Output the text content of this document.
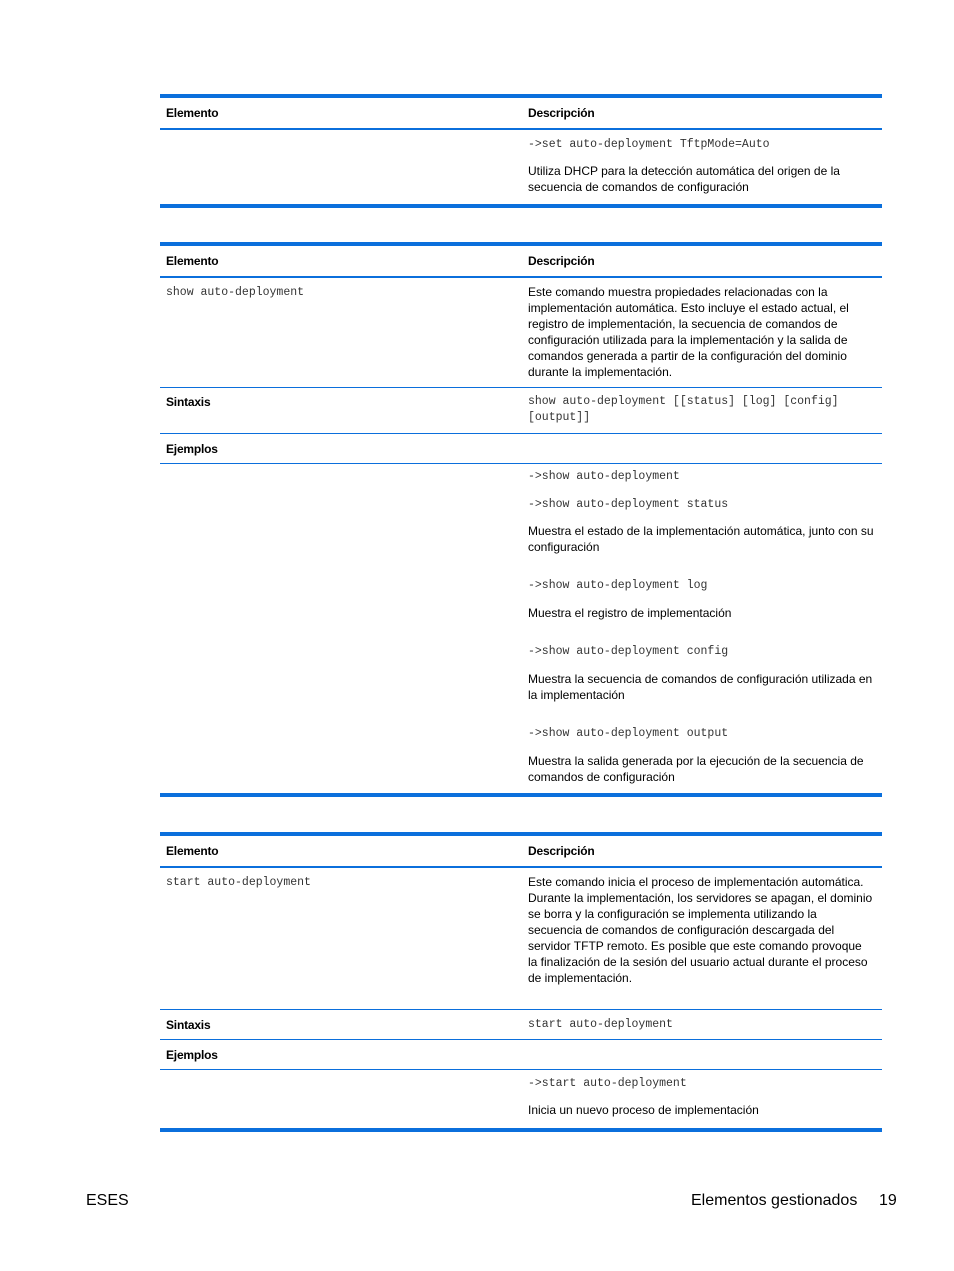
Elemento	Descripción
->set auto-deployment TftpMode=Auto
Utiliza DHCP para la detección automática del origen de la secuencia de comandos de configuración
Elemento	Descripción
show auto-deployment	Este comando muestra propiedades relacionadas con la implementación automática. Esto incluye el estado actual, el registro de implementación, la secuencia de comandos de configuración utilizada para la implementación y la salida de comandos generada a partir de la configuración del dominio durante la implementación.
Sintaxis	show auto-deployment [[status] [log] [config] [output]]
Ejemplos
->show auto-deployment
->show auto-deployment status
Muestra el estado de la implementación automática, junto con su configuración
->show auto-deployment log
Muestra el registro de implementación
->show auto-deployment config
Muestra la secuencia de comandos de configuración utilizada en la implementación
->show auto-deployment output
Muestra la salida generada por la ejecución de la secuencia de comandos de configuración
Elemento	Descripción
start auto-deployment	Este comando inicia el proceso de implementación automática. Durante la implementación, los servidores se apagan, el dominio se borra y la configuración se implementa utilizando la secuencia de comandos de configuración descargada del servidor TFTP remoto. Es posible que este comando provoque la finalización de la sesión del usuario actual durante el proceso de implementación.
Sintaxis	start auto-deployment
Ejemplos
->start auto-deployment
Inicia un nuevo proceso de implementación
ESES	Elementos gestionados 19
